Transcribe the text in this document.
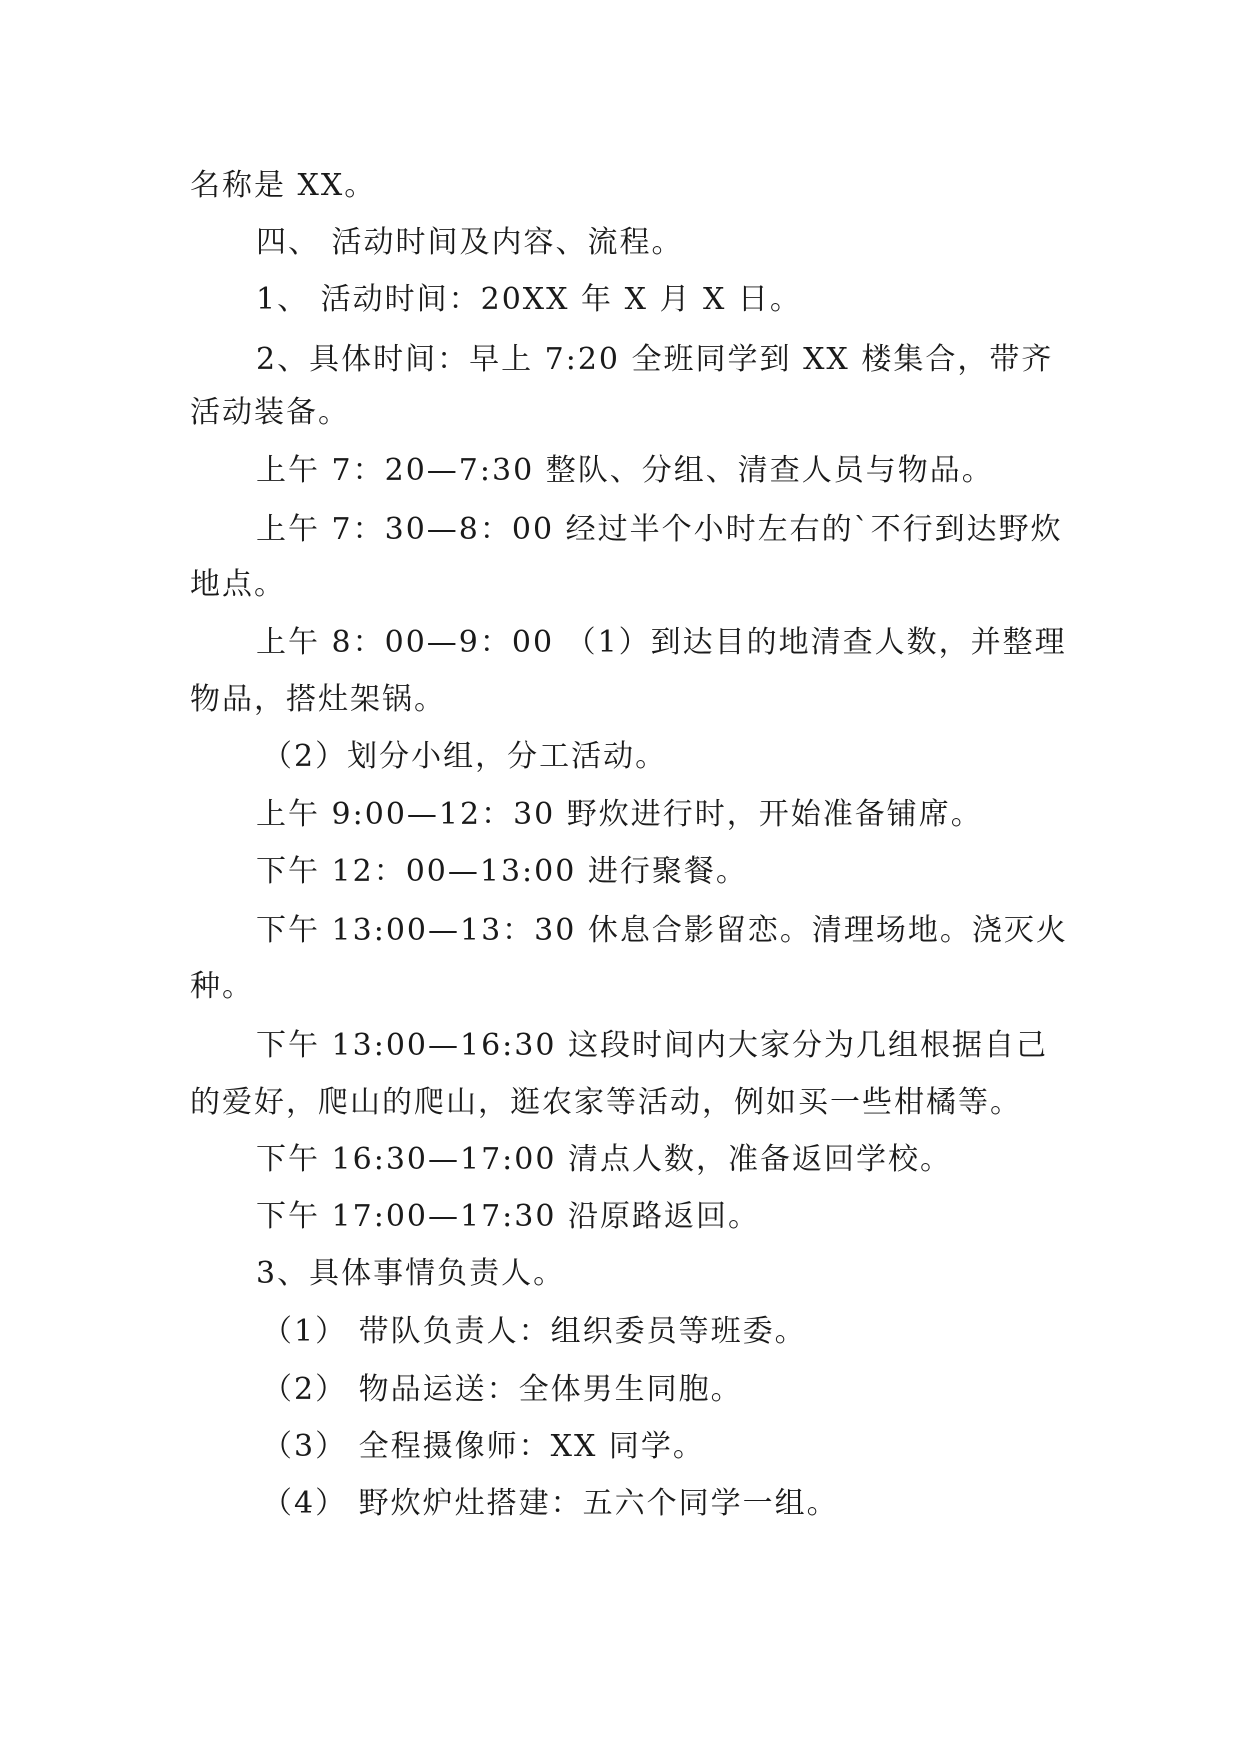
名称是 XX。
四、 活动时间及内容、流程。
1、 活动时间：20XX 年 X 月 X 日。
2、具体时间：早上 7:20 全班同学到 XX 楼集合，带齐
活动装备。
上午 7：20—7:30 整队、分组、清查人员与物品。
上午 7：30—8：00 经过半个小时左右的`不行到达野炊
地点。
上午 8：00—9：00 （1）到达目的地清查人数，并整理
物品，搭灶架锅。
（2）划分小组，分工活动。
上午 9:00—12：30 野炊进行时，开始准备铺席。
下午 12：00—13:00 进行聚餐。
下午 13:00—13：30 休息合影留恋。清理场地。浇灭火
种。
下午 13:00—16:30 这段时间内大家分为几组根据自己
的爱好，爬山的爬山，逛农家等活动，例如买一些柑橘等。
下午 16:30—17:00 清点人数，准备返回学校。
下午 17:00—17:30 沿原路返回。
3、具体事情负责人。
（1） 带队负责人：组织委员等班委。
（2） 物品运送：全体男生同胞。
（3） 全程摄像师：XX 同学。
（4） 野炊炉灶搭建：五六个同学一组。
